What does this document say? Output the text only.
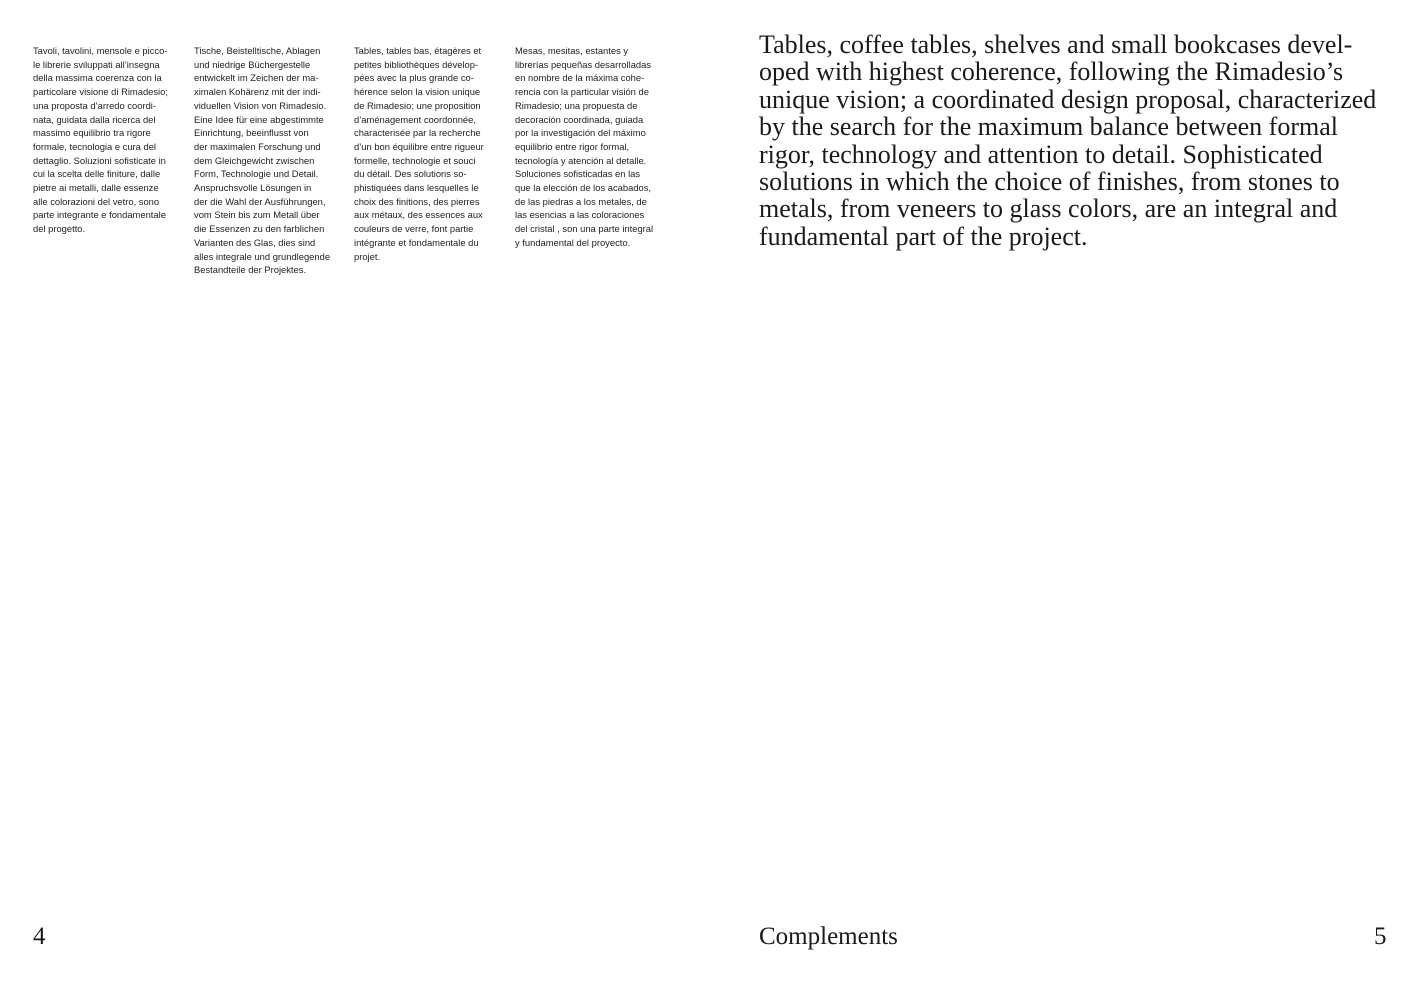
Tavoli, tavolini, mensole e picco-
le librerie sviluppati all’insegna
della massima coerenza con la
particolare visione di Rimadesio;
una proposta d’arredo coordi-
nata, guidata dalla ricerca del
massimo equilibrio tra rigore
formale, tecnologia e cura del
dettaglio. Soluzioni sofisticate in
cui la scelta delle finiture, dalle
pietre ai metalli, dalle essenze
alle colorazioni del vetro, sono
parte integrante e fondamentale
del progetto.
Tische, Beistelltische, Ablagen
und niedrige Büchergestelle
entwickelt im Zeichen der ma-
ximalen Kohärenz mit der indi-
viduellen Vision von Rimadesio.
Eine Idee für eine abgestimmte
Einrichtung, beeinflusst von
der maximalen Forschung und
dem Gleichgewicht zwischen
Form, Technologie und Detail.
Anspruchsvolle Lösungen in
der die Wahl der Ausführungen,
vom Stein bis zum Metall über
die Essenzen zu den farblichen
Varianten des Glas, dies sind
alles integrale und grundlegende
Bestandteile der Projektes.
Tables, tables bas, étagères et
petites bibliothèques dévelop-
pées avec la plus grande co-
hérence selon la vision unique
de Rimadesio; une proposition
d’aménagement coordonnée,
characterisée par la recherche
d’un bon équilibre entre rigueur
formelle, technologie et souci
du détail. Des solutions so-
phistiquées dans lesquelles le
choix des finitions, des pierres
aux métaux, des essences aux
couleurs de verre, font partie
intégrante et fondamentale du
projet.
Mesas, mesitas, estantes y
librerías pequeñas desarrolladas
en nombre de la máxima cohe-
rencia con la particular visión de
Rimadesio; una propuesta de
decoración coordinada, guiada
por la investigación del máximo
equilibrio entre rigor formal,
tecnología y atención al detalle.
Soluciones sofisticadas en las
que la elección de los acabados,
de las piedras a los metales, de
las esencias a las coloraciones
del cristal , son una parte integral
y fundamental del proyecto.
4
Tables, coffee tables, shelves and small bookcases devel-
oped with highest coherence, following the Rimadesio’s
unique vision; a coordinated design proposal, characterized
by the search for the maximum balance between formal
rigor, technology and attention to detail. Sophisticated
solutions in which the choice of finishes, from stones to
metals, from veneers to glass colors, are an integral and
fundamental part of the project.
Complements	5
